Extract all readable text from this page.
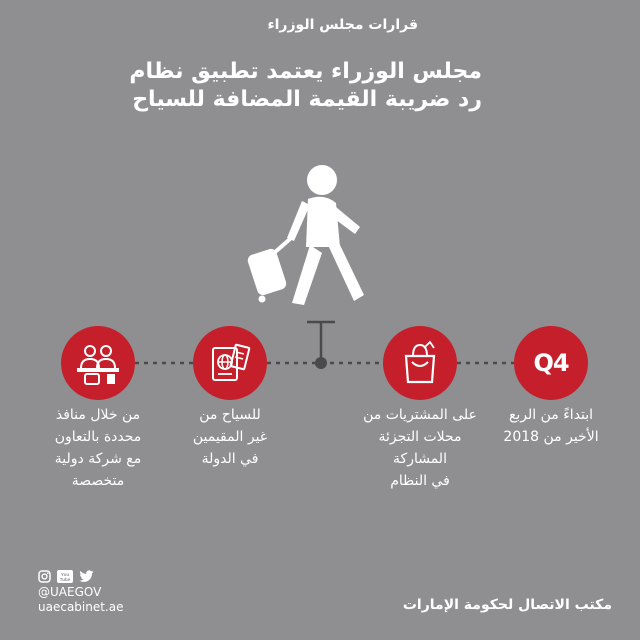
قرارات مجلس الوزراء
مجلس الوزراء يعتمد تطبيق نظام
رد ضريبة القيمة المضافة للسياح
Q4
من خلال منافذ
محددة بالتعاون
مع شركة دولية
متخصصة
للسياح من
غير المقيمين
في الدولة
على المشتريات من
محلات التجزئة
المشاركة
في النظام
ابتداءً من الربع
الأخير من 2018
You
Tube
@UAEGOV
uaecabinet.ae	مكتب الاتصال لحكومة الإمارات
